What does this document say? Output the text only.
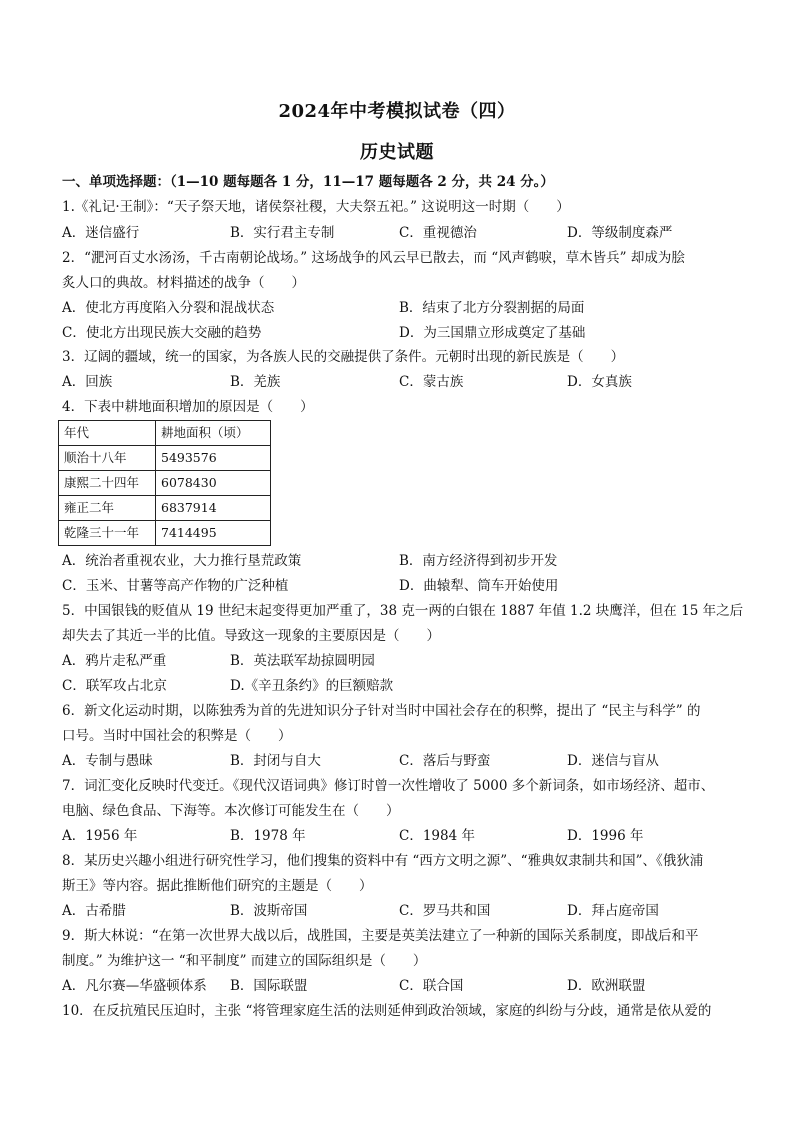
2024年中考模拟试卷（四）
历史试题
一、单项选择题：（1—10 题每题各 1 分，11—17 题每题各 2 分，共 24 分。）
1.《礼记·王制》：“天子祭天地，诸侯祭社稷，大夫祭五祀。” 这说明这一时期（　　）
A．迷信盛行	B．实行君主专制	C．重视德治	D．等级制度森严
2．“淝河百丈水汤汤，千古南朝论战场。” 这场战争的风云早已散去，而 “风声鹤唳，草木皆兵” 却成为脍
炙人口的典故。材料描述的战争（　　）
A．使北方再度陷入分裂和混战状态	B．结束了北方分裂割据的局面
C．使北方出现民族大交融的趋势	D．为三国鼎立形成奠定了基础
3．辽阔的疆域，统一的国家，为各族人民的交融提供了条件。元朝时出现的新民族是（　　）
A．回族	B．羌族	C．蒙古族	D．女真族
4．下表中耕地面积增加的原因是（　　）
年代	耕地面积（顷）
顺治十八年	5493576
康熙二十四年	6078430
雍正二年	6837914
乾隆三十一年	7414495
A．统治者重视农业，大力推行垦荒政策	B．南方经济得到初步开发
C．玉米、甘薯等高产作物的广泛种植	D．曲辕犁、筒车开始使用
5．中国银钱的贬值从 19 世纪末起变得更加严重了，38 克一两的白银在 1887 年值 1.2 块鹰洋，但在 15 年之后
却失去了其近一半的比值。导致这一现象的主要原因是（　　）
A．鸦片走私严重	B．英法联军劫掠圆明园
C．联军攻占北京	D.《辛丑条约》的巨额赔款
6．新文化运动时期，以陈独秀为首的先进知识分子针对当时中国社会存在的积弊，提出了 “民主与科学” 的
口号。当时中国社会的积弊是（　　）
A．专制与愚昧	B．封闭与自大	C．落后与野蛮	D．迷信与盲从
7．词汇变化反映时代变迁。《现代汉语词典》修订时曾一次性增收了 5000 多个新词条，如市场经济、超市、
电脑、绿色食品、下海等。本次修订可能发生在（　　）
A．1956 年	B．1978 年	C．1984 年	D．1996 年
8．某历史兴趣小组进行研究性学习，他们搜集的资料中有 “西方文明之源”、“雅典奴隶制共和国”、《俄狄浦
斯王》等内容。据此推断他们研究的主题是（　　）
A．古希腊	B．波斯帝国	C．罗马共和国	D．拜占庭帝国
9．斯大林说：“在第一次世界大战以后，战胜国，主要是英美法建立了一种新的国际关系制度，即战后和平
制度。” 为维护这一 “和平制度” 而建立的国际组织是（　　）
A．凡尔赛—华盛顿体系 B．国际联盟	C．联合国	D．欧洲联盟
10．在反抗殖民压迫时，主张 “将管理家庭生活的法则延伸到政治领域，家庭的纠纷与分歧，通常是依从爱的
